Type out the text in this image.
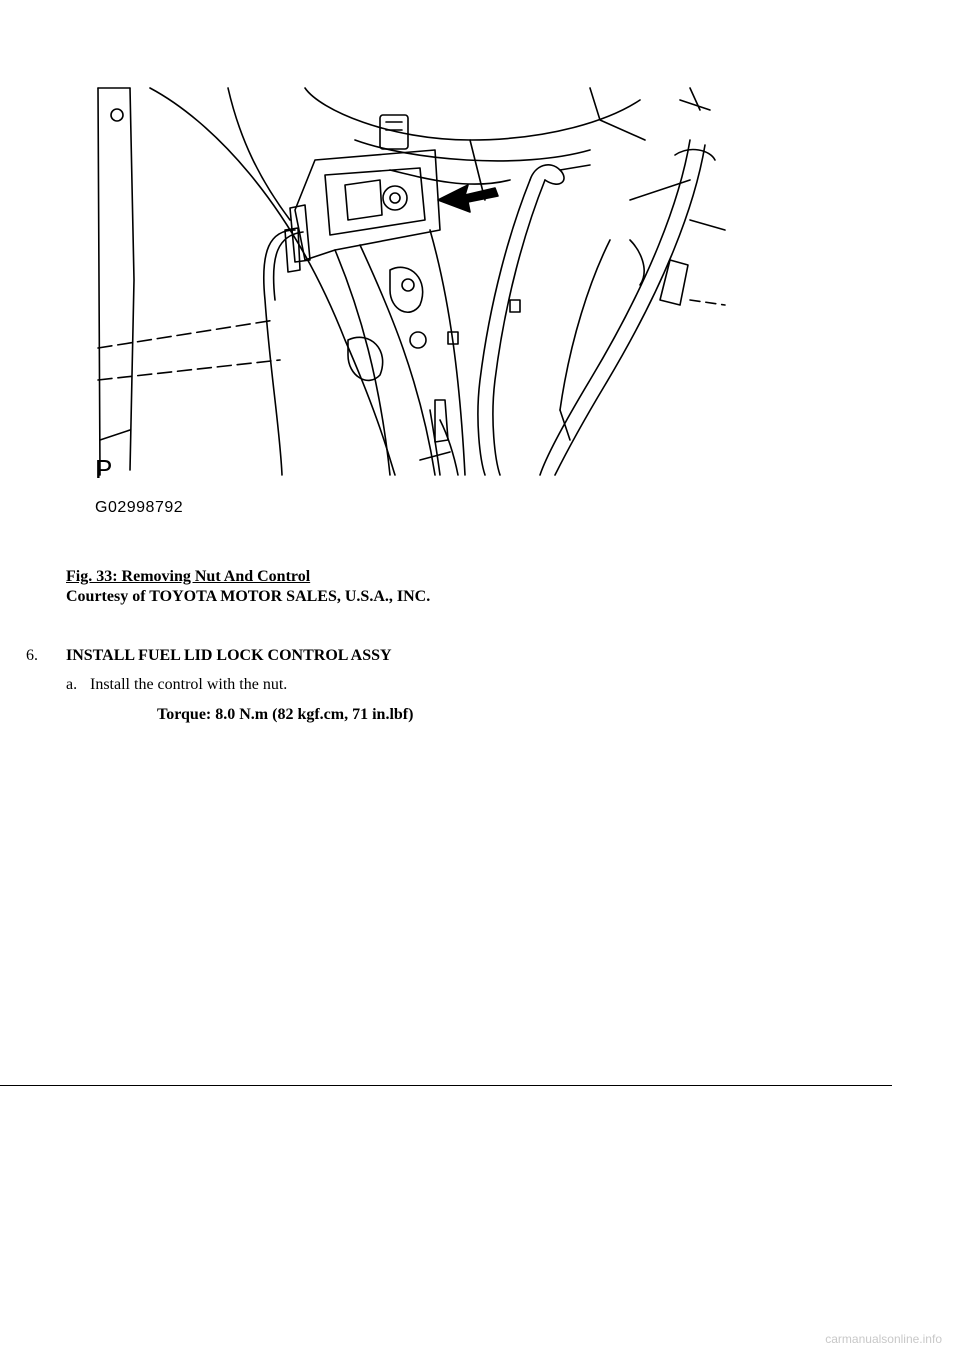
P
G02998792
Fig. 33: Removing Nut And Control
Courtesy of TOYOTA MOTOR SALES, U.S.A., INC.
6. INSTALL FUEL LID LOCK CONTROL ASSY
a. Install the control with the nut.
Torque: 8.0 N.m (82 kgf.cm, 71 in.lbf)
carmanualsonline.info
